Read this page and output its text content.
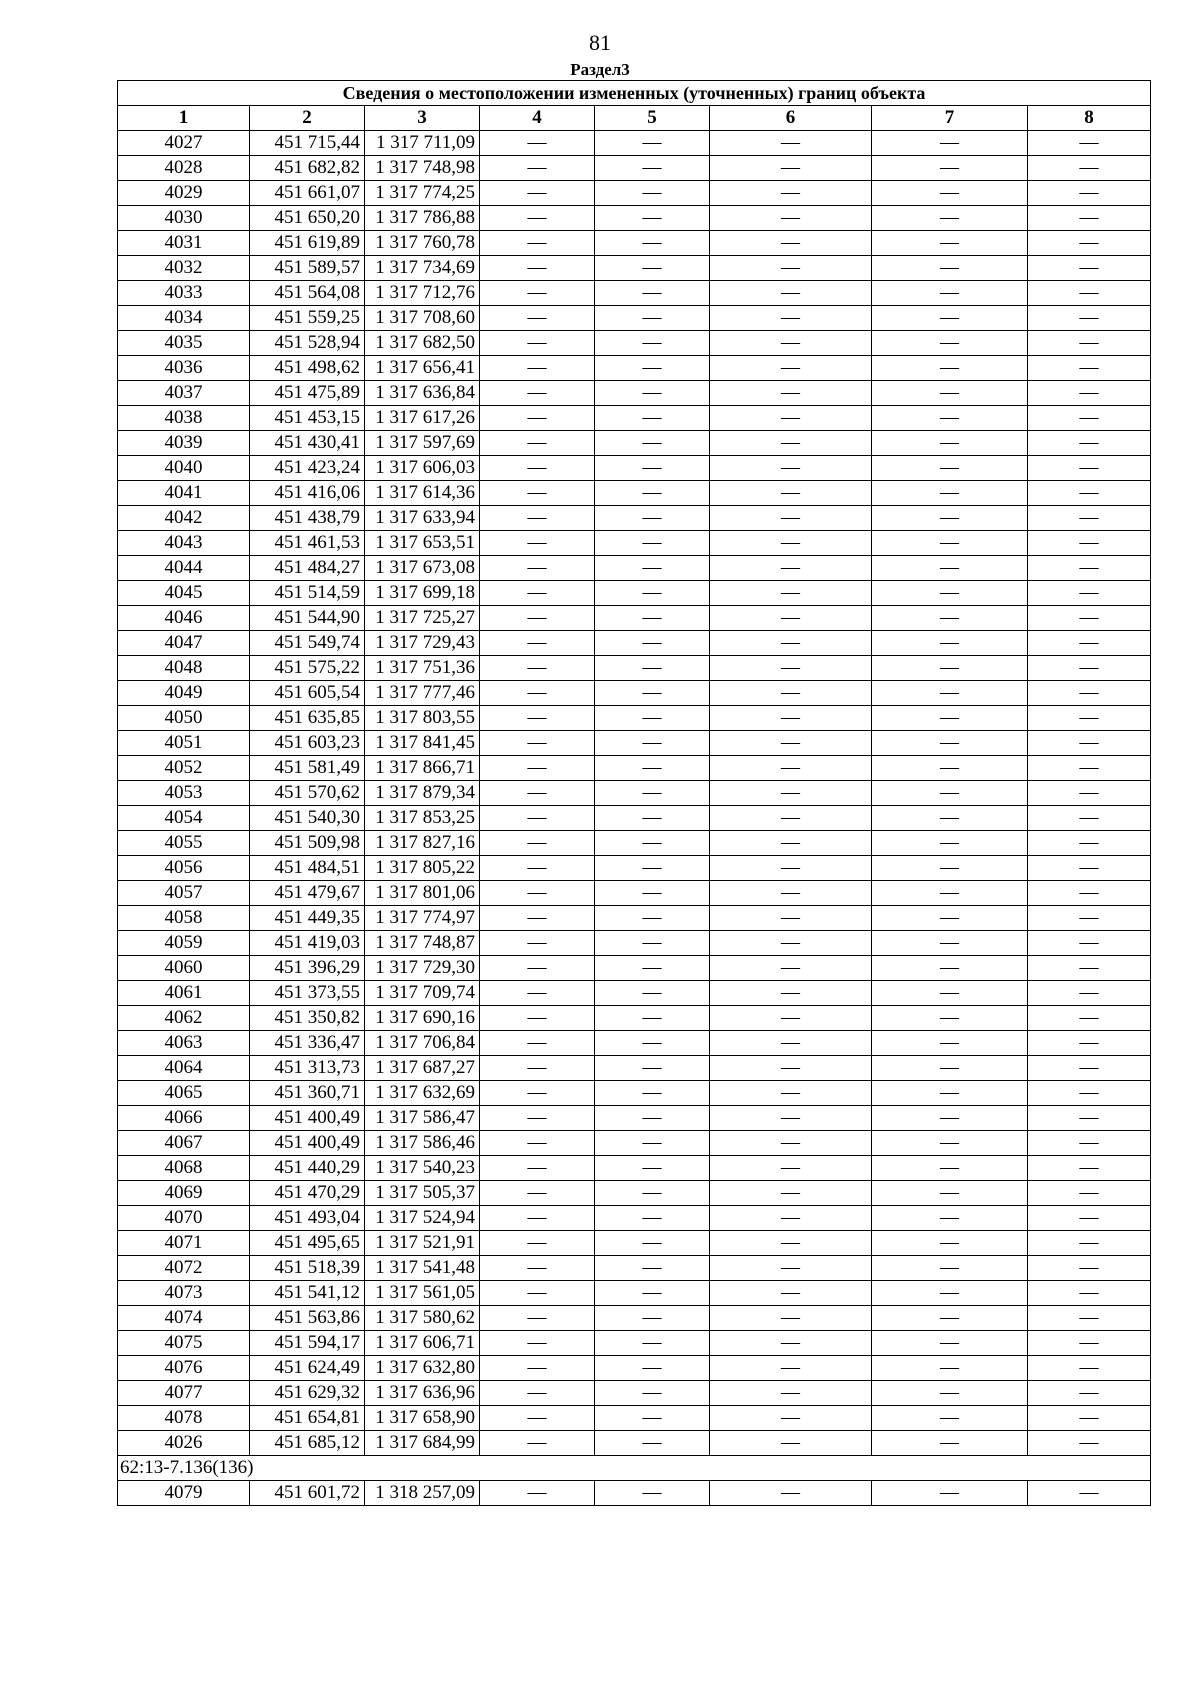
81
Раздел3
Сведения о местоположении измененных (уточненных) границ объекта							
1	2	3	4	5	6	7	8
4027	451 715,44	1 317 711,09	—	—	—	—	—
4028	451 682,82	1 317 748,98	—	—	—	—	—
4029	451 661,07	1 317 774,25	—	—	—	—	—
4030	451 650,20	1 317 786,88	—	—	—	—	—
4031	451 619,89	1 317 760,78	—	—	—	—	—
4032	451 589,57	1 317 734,69	—	—	—	—	—
4033	451 564,08	1 317 712,76	—	—	—	—	—
4034	451 559,25	1 317 708,60	—	—	—	—	—
4035	451 528,94	1 317 682,50	—	—	—	—	—
4036	451 498,62	1 317 656,41	—	—	—	—	—
4037	451 475,89	1 317 636,84	—	—	—	—	—
4038	451 453,15	1 317 617,26	—	—	—	—	—
4039	451 430,41	1 317 597,69	—	—	—	—	—
4040	451 423,24	1 317 606,03	—	—	—	—	—
4041	451 416,06	1 317 614,36	—	—	—	—	—
4042	451 438,79	1 317 633,94	—	—	—	—	—
4043	451 461,53	1 317 653,51	—	—	—	—	—
4044	451 484,27	1 317 673,08	—	—	—	—	—
4045	451 514,59	1 317 699,18	—	—	—	—	—
4046	451 544,90	1 317 725,27	—	—	—	—	—
4047	451 549,74	1 317 729,43	—	—	—	—	—
4048	451 575,22	1 317 751,36	—	—	—	—	—
4049	451 605,54	1 317 777,46	—	—	—	—	—
4050	451 635,85	1 317 803,55	—	—	—	—	—
4051	451 603,23	1 317 841,45	—	—	—	—	—
4052	451 581,49	1 317 866,71	—	—	—	—	—
4053	451 570,62	1 317 879,34	—	—	—	—	—
4054	451 540,30	1 317 853,25	—	—	—	—	—
4055	451 509,98	1 317 827,16	—	—	—	—	—
4056	451 484,51	1 317 805,22	—	—	—	—	—
4057	451 479,67	1 317 801,06	—	—	—	—	—
4058	451 449,35	1 317 774,97	—	—	—	—	—
4059	451 419,03	1 317 748,87	—	—	—	—	—
4060	451 396,29	1 317 729,30	—	—	—	—	—
4061	451 373,55	1 317 709,74	—	—	—	—	—
4062	451 350,82	1 317 690,16	—	—	—	—	—
4063	451 336,47	1 317 706,84	—	—	—	—	—
4064	451 313,73	1 317 687,27	—	—	—	—	—
4065	451 360,71	1 317 632,69	—	—	—	—	—
4066	451 400,49	1 317 586,47	—	—	—	—	—
4067	451 400,49	1 317 586,46	—	—	—	—	—
4068	451 440,29	1 317 540,23	—	—	—	—	—
4069	451 470,29	1 317 505,37	—	—	—	—	—
4070	451 493,04	1 317 524,94	—	—	—	—	—
4071	451 495,65	1 317 521,91	—	—	—	—	—
4072	451 518,39	1 317 541,48	—	—	—	—	—
4073	451 541,12	1 317 561,05	—	—	—	—	—
4074	451 563,86	1 317 580,62	—	—	—	—	—
4075	451 594,17	1 317 606,71	—	—	—	—	—
4076	451 624,49	1 317 632,80	—	—	—	—	—
4077	451 629,32	1 317 636,96	—	—	—	—	—
4078	451 654,81	1 317 658,90	—	—	—	—	—
4026	451 685,12	1 317 684,99	—	—	—	—	—
62:13-7.136(136)							
4079	451 601,72	1 318 257,09	—	—	—	—	—
